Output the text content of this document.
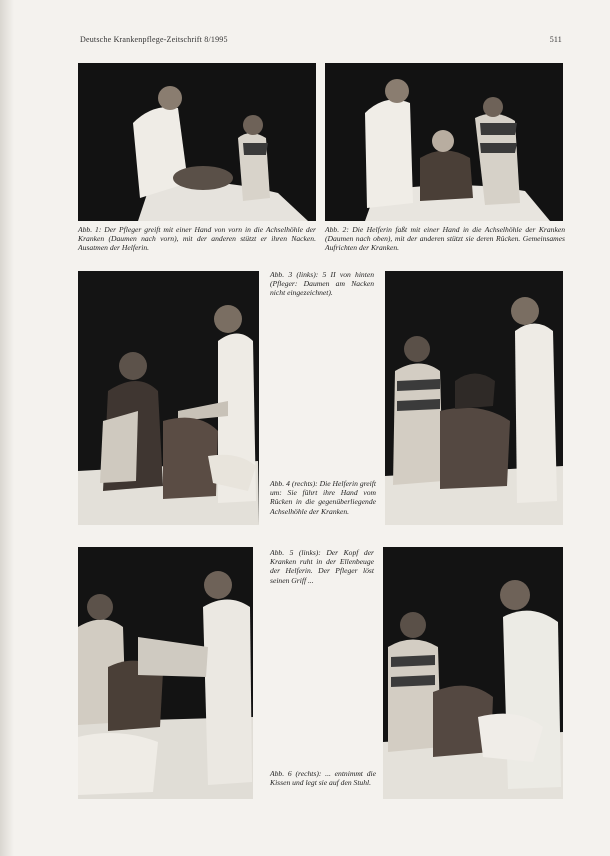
Deutsche Krankenpflege-Zeitschrift 8/1995	511
Abb. 1: Der Pfleger greift mit einer Hand von vorn in die Achselhöhle der Kranken (Daumen nach vorn), mit der anderen stützt er ihren Nacken. Ausatmen der Helferin.
Abb. 2: Die Helferin faßt mit einer Hand in die Achselhöhle der Kranken (Daumen nach oben), mit der anderen stützt sie deren Rücken. Gemeinsames Aufrichten der Kranken.
Abb. 3 (links): 5 II von hinten (Pfleger: Daumen am Nacken nicht eingezeichnet).
Abb. 4 (rechts): Die Helferin greift um: Sie führt ihre Hand vom Rücken in die gegenüberliegende Achselhöhle der Kranken.
Abb. 5 (links): Der Kopf der Kranken ruht in der Ellenbeuge der Helferin. Der Pfleger löst seinen Griff ...
Abb. 6 (rechts): ... entnimmt die Kissen und legt sie auf den Stuhl.
